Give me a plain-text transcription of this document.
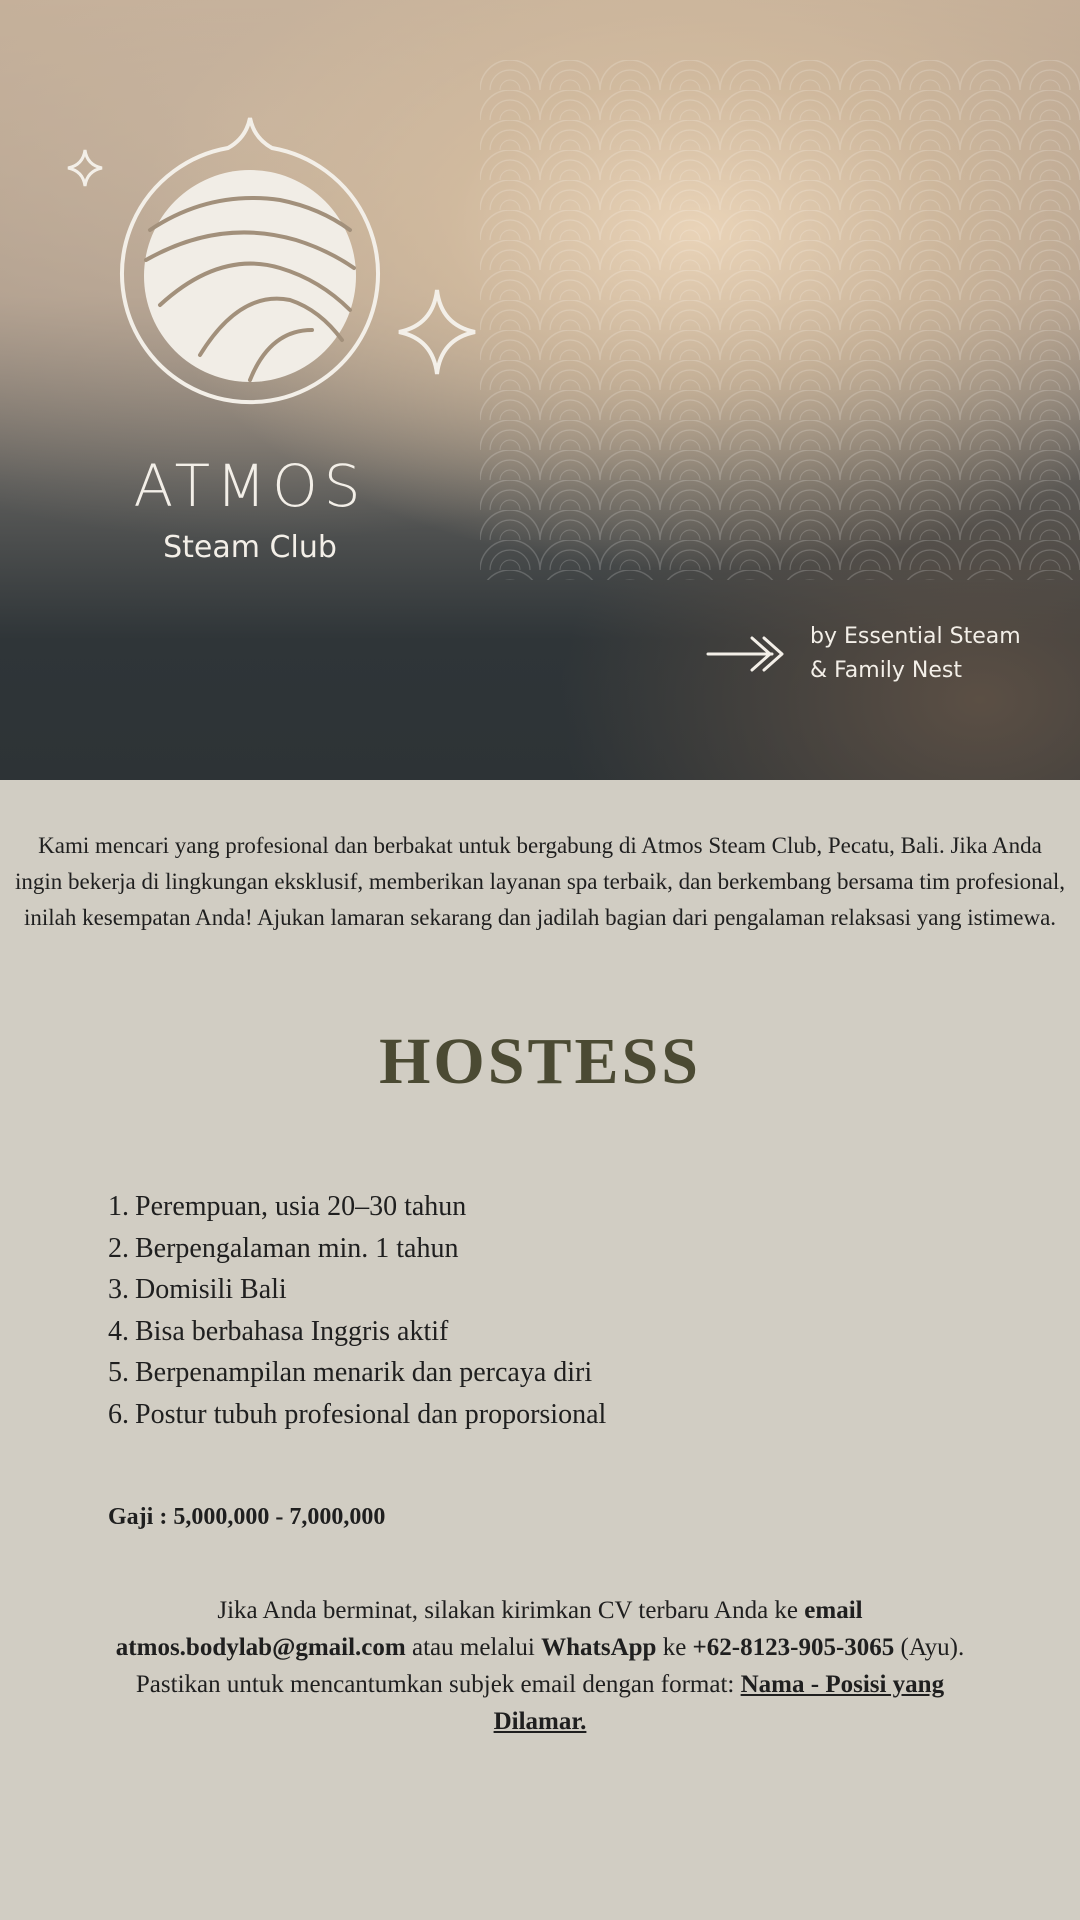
ATMOS
Steam Club
by Essential Steam
& Family Nest

Kami mencari yang profesional dan berbakat untuk bergabung di Atmos Steam Club, Pecatu, Bali. Jika Anda ingin bekerja di lingkungan eksklusif, memberikan layanan spa terbaik, dan berkembang bersama tim profesional, inilah kesempatan Anda! Ajukan lamaran sekarang dan jadilah bagian dari pengalaman relaksasi yang istimewa.

HOSTESS
1. Perempuan, usia 20–30 tahun
2. Berpengalaman min. 1 tahun
3. Domisili Bali
4. Bisa berbahasa Inggris aktif
5. Berpenampilan menarik dan percaya diri
6. Postur tubuh profesional dan proporsional
Gaji : 5,000,000 - 7,000,000

Jika Anda berminat, silakan kirimkan CV terbaru Anda ke email atmos.bodylab@gmail.com atau melalui WhatsApp ke +62-8123-905-3065 (Ayu). Pastikan untuk mencantumkan subjek email dengan format: Nama - Posisi yang Dilamar.
